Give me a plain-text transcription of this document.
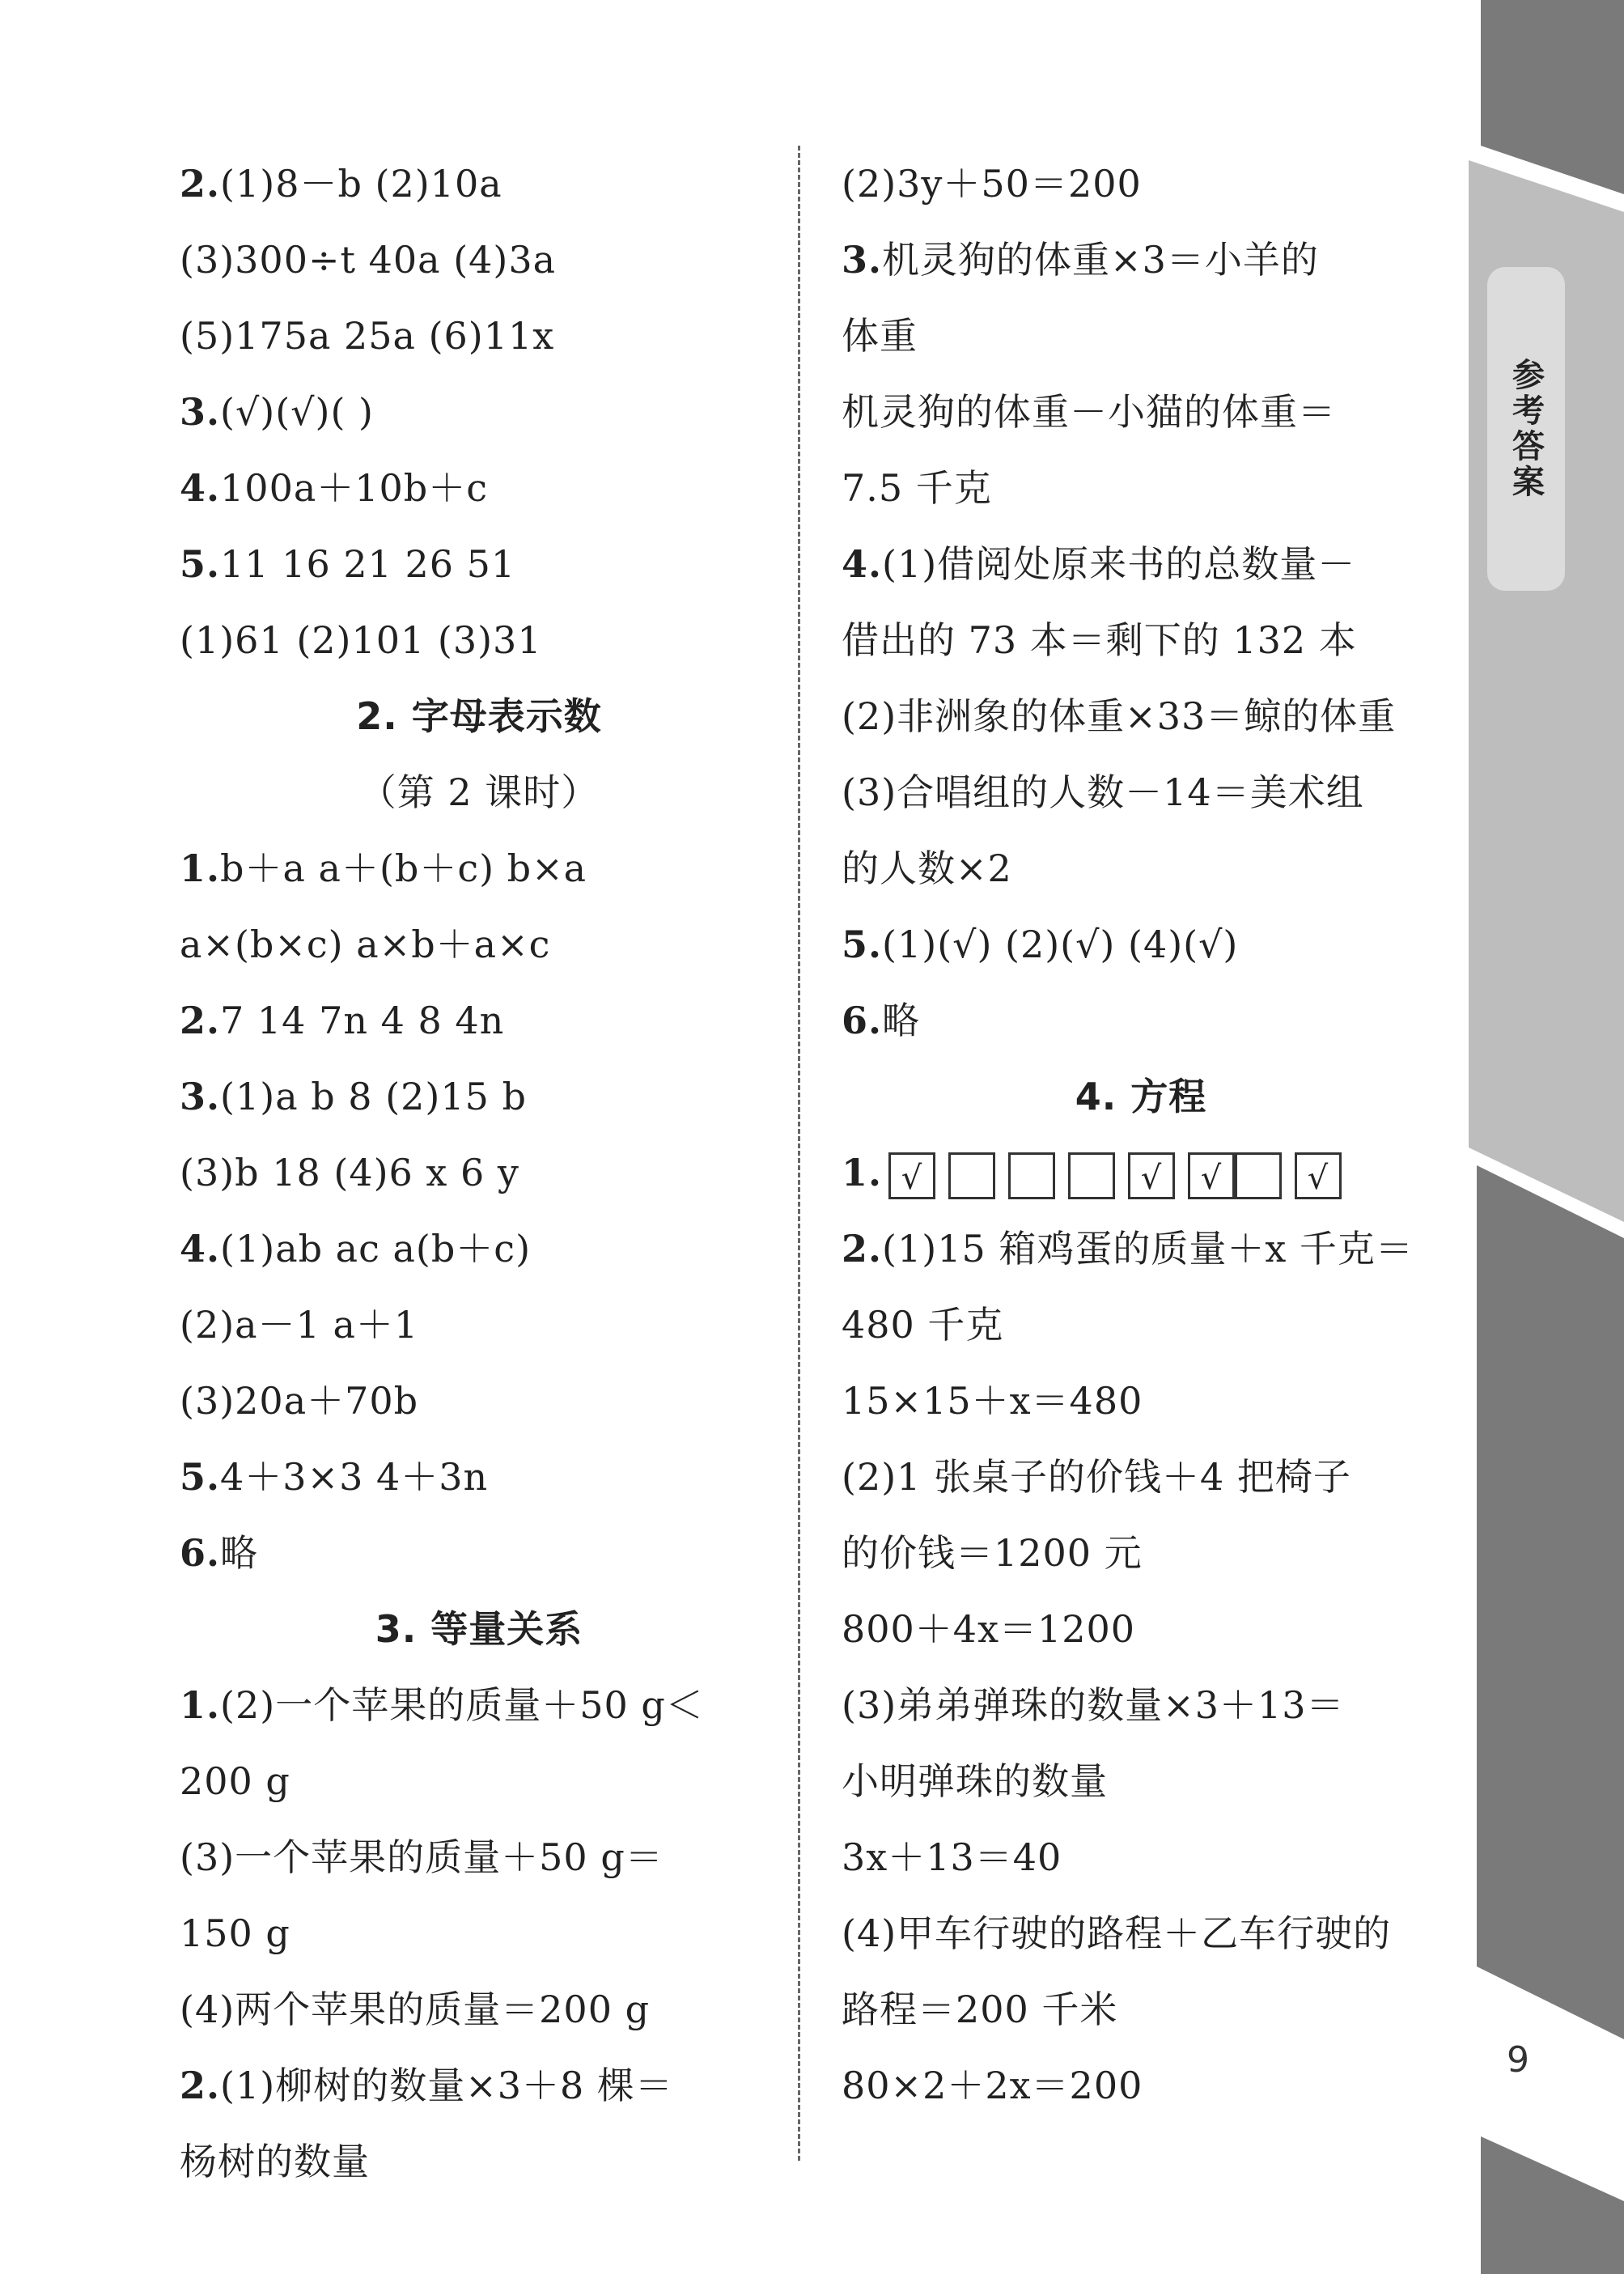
参考答案
2.(1)8－b (2)10a
(3)300÷t 40a (4)3a
(5)175a 25a (6)11x
3.(√)(√)( )
4.100a＋10b＋c
5.11 16 21 26 51
(1)61 (2)101 (3)31
2. 字母表示数
（第 2 课时）
1.b＋a a＋(b＋c) b×a
a×(b×c) a×b＋a×c
2.7 14 7n 4 8 4n
3.(1)a b 8 (2)15 b
(3)b 18 (4)6 x 6 y
4.(1)ab ac a(b＋c)
(2)a－1 a＋1
(3)20a＋70b
5.4＋3×3 4＋3n
6.略
3. 等量关系
1.(2)一个苹果的质量＋50 g＜
200 g
(3)一个苹果的质量＋50 g＝
150 g
(4)两个苹果的质量＝200 g
2.(1)柳树的数量×3＋8 棵＝
杨树的数量
(2)3y＋50＝200
3.机灵狗的体重×3＝小羊的
体重
机灵狗的体重－小猫的体重＝
7.5 千克
4.(1)借阅处原来书的总数量－
借出的 73 本＝剩下的 132 本
(2)非洲象的体重×33＝鲸的体重
(3)合唱组的人数－14＝美术组
的人数×2
5.(1)(√) (2)(√) (4)(√)
6.略
4. 方程
1. √	√	√	√
2.(1)15 箱鸡蛋的质量＋x 千克＝
480 千克
15×15＋x＝480
(2)1 张桌子的价钱＋4 把椅子
的价钱＝1200 元
800＋4x＝1200
(3)弟弟弹珠的数量×3＋13＝
小明弹珠的数量
3x＋13＝40
(4)甲车行驶的路程＋乙车行驶的
路程＝200 千米
80×2＋2x＝200
9
